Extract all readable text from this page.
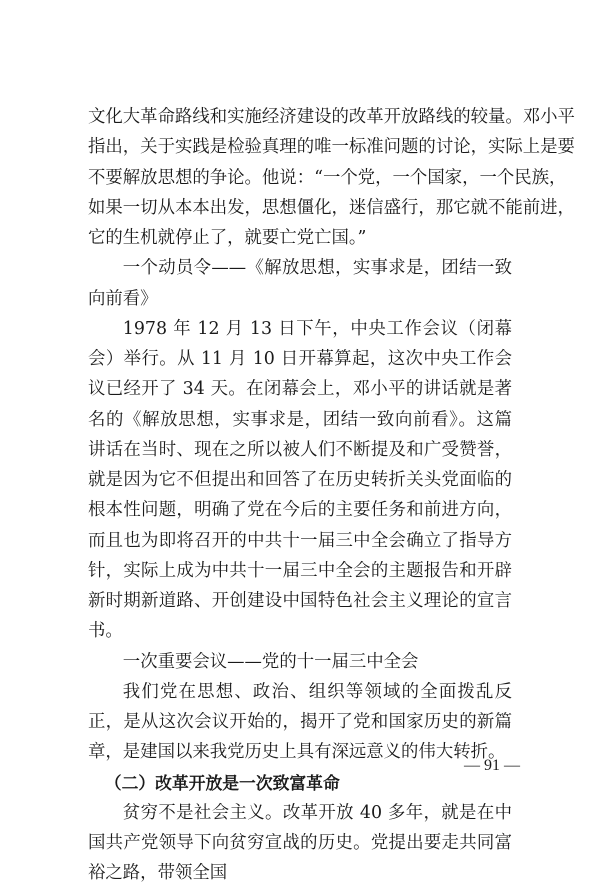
文化大革命路线和实施经济建设的改革开放路线的较量。邓小平
指出，关于实践是检验真理的唯一标准问题的讨论，实际上是要
不要解放思想的争论。他说：“一个党，一个国家，一个民族，
如果一切从本本出发，思想僵化，迷信盛行，那它就不能前进，
它的生机就停止了，就要亡党亡国。”

一个动员令——《解放思想，实事求是，团结一致向前看》

1978 年 12 月 13 日下午，中央工作会议（闭幕会）举行。从 11 月 10 日开幕算起，这次中央工作会议已经开了 34 天。在闭幕会上，邓小平的讲话就是著名的《解放思想，实事求是，团结一致向前看》。这篇讲话在当时、现在之所以被人们不断提及和广受赞誉，就是因为它不但提出和回答了在历史转折关头党面临的根本性问题，明确了党在今后的主要任务和前进方向，而且也为即将召开的中共十一届三中全会确立了指导方针，实际上成为中共十一届三中全会的主题报告和开辟新时期新道路、开创建设中国特色社会主义理论的宣言书。

一次重要会议——党的十一届三中全会

我们党在思想、政治、组织等领域的全面拨乱反正，是从这次会议开始的，揭开了党和国家历史的新篇章，是建国以来我党历史上具有深远意义的伟大转折。

（二）改革开放是一次致富革命

贫穷不是社会主义。改革开放 40 多年，就是在中国共产党领导下向贫穷宣战的历史。党提出要走共同富裕之路，带领全国

— 91 —
